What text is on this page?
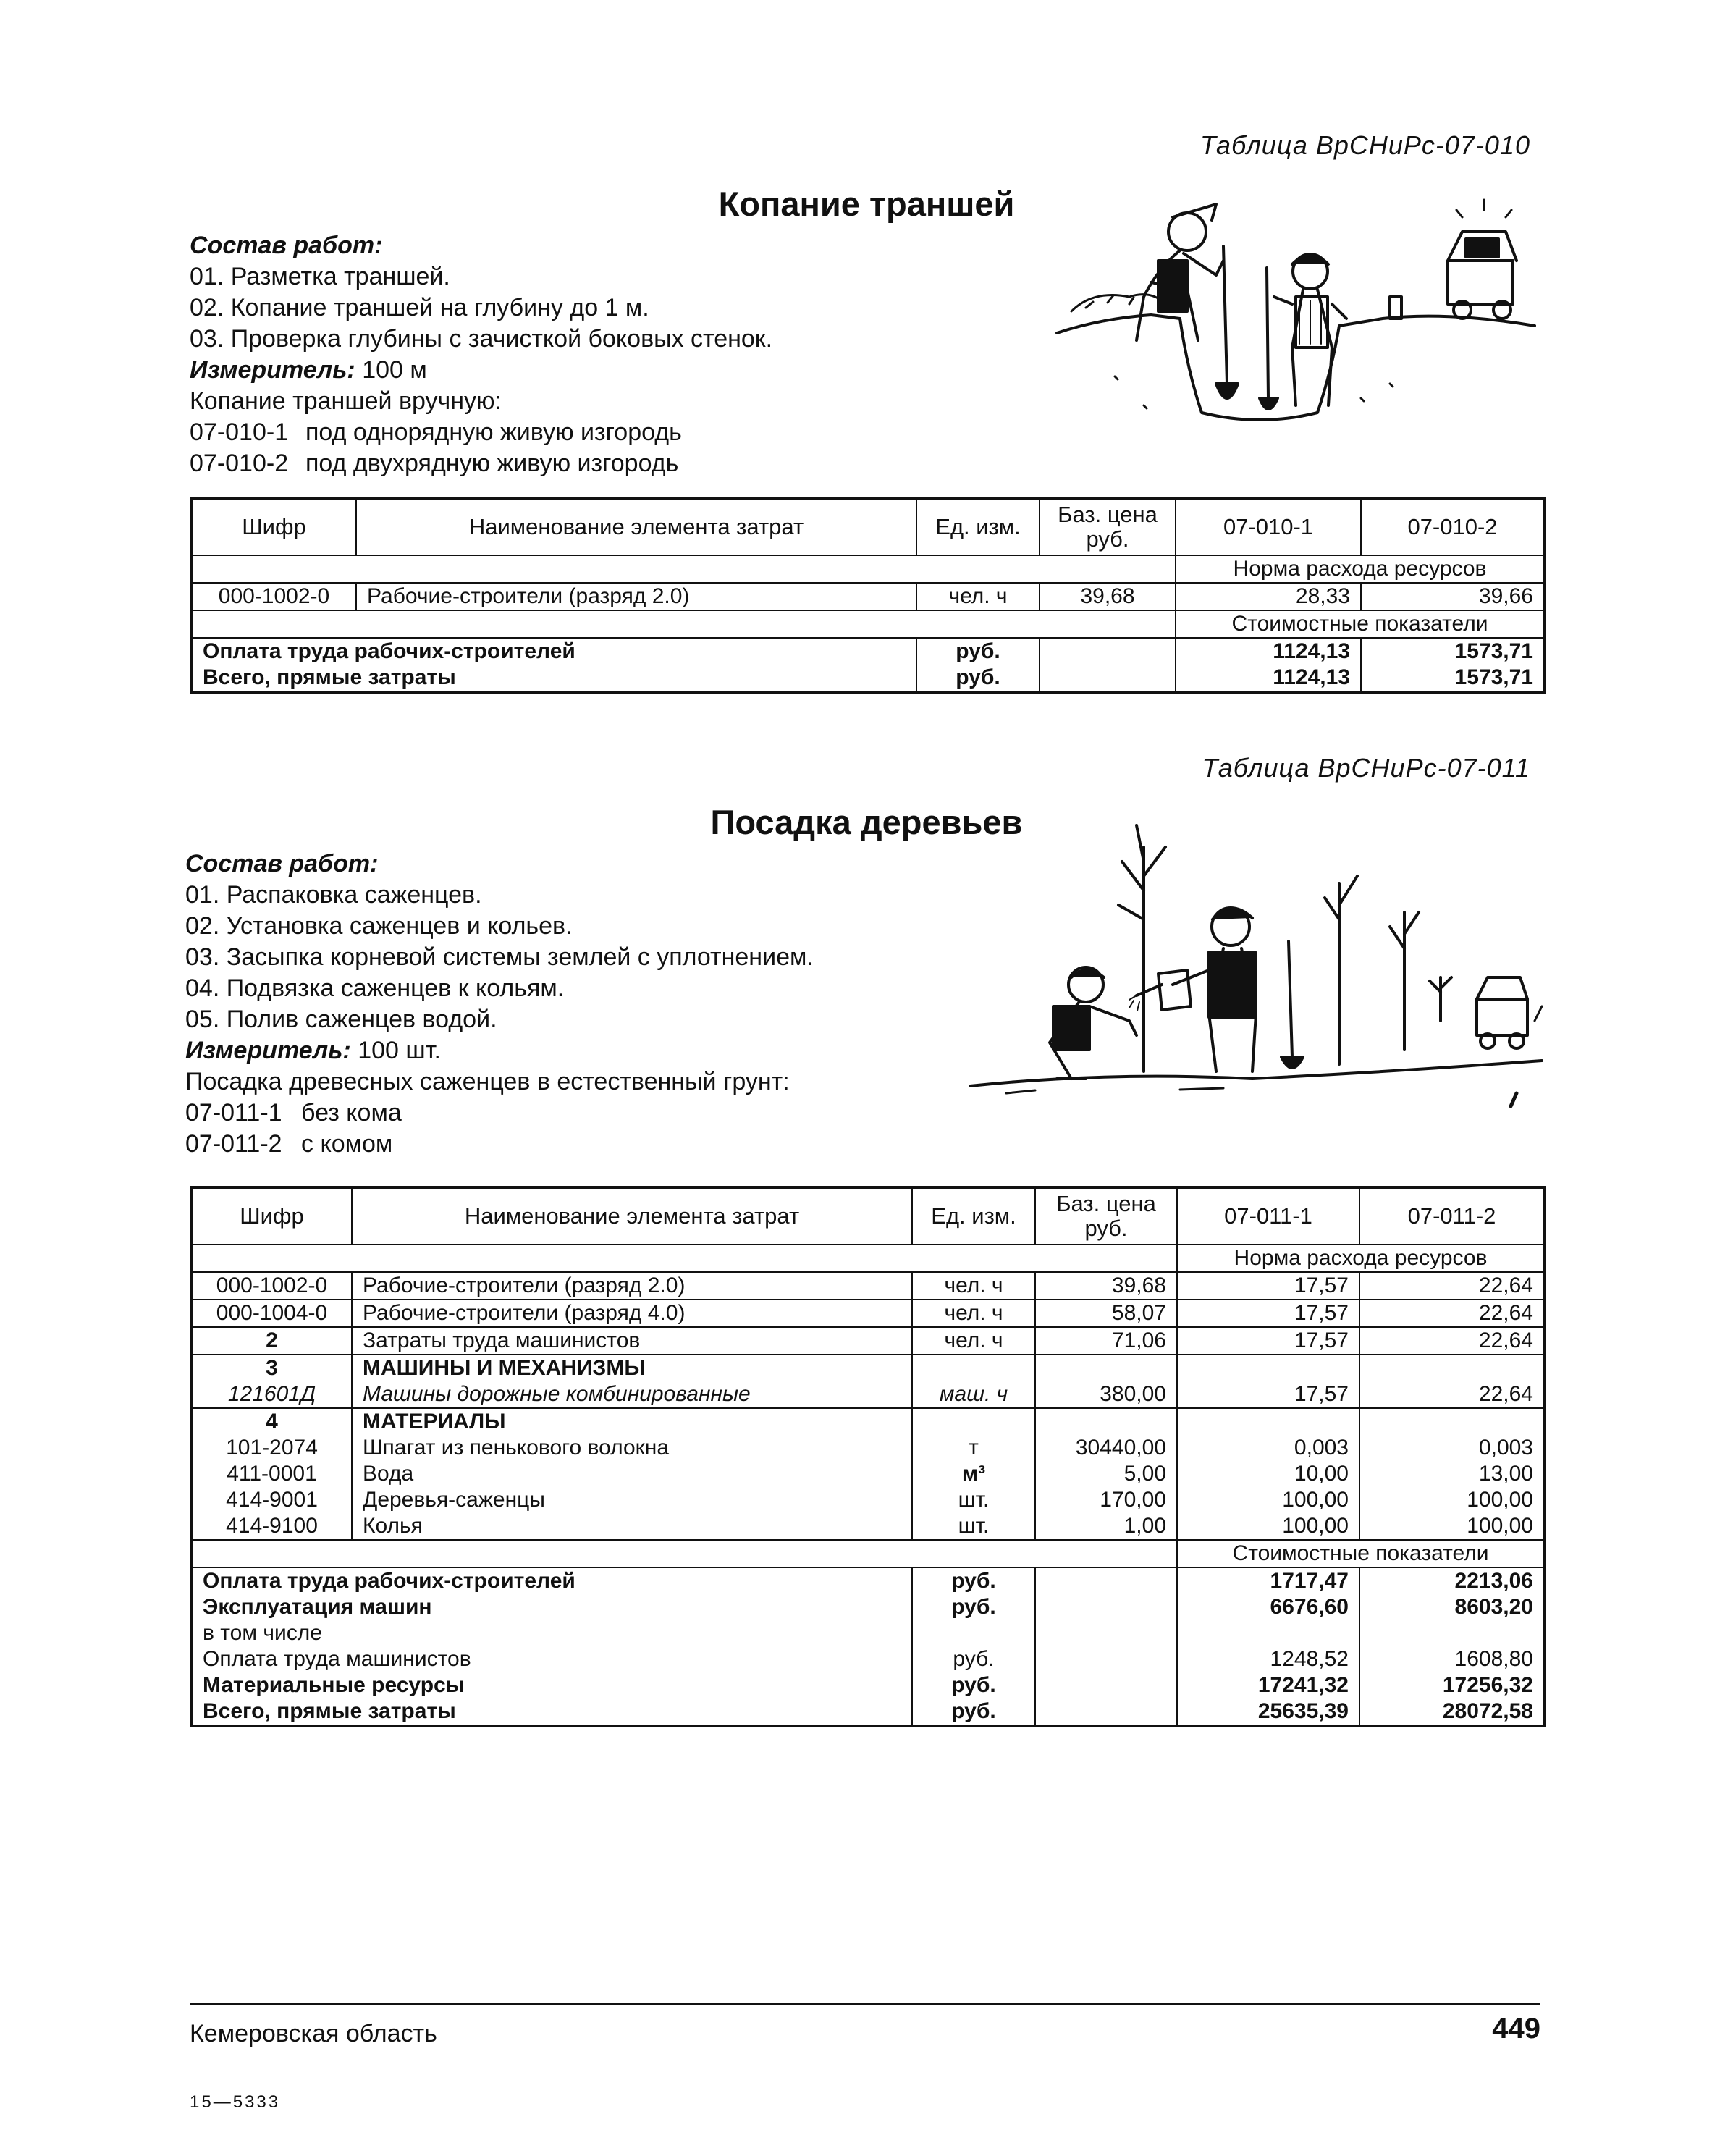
Таблица ВрСНиРс-07-010
Копание траншей
Состав работ:
01. Разметка траншей.
02. Копание траншей на глубину до 1 м.
03. Проверка глубины с зачисткой боковых стенок.
Измеритель: 100 м
Копание траншей вручную:
07-010-1 под однорядную живую изгородь
07-010-2 под двухрядную живую изгородь
Шифр	Наименование элемента затрат	Ед. изм.	Баз. цена руб.	07-010-1	07-010-2
				Норма расхода ресурсов	
000-1002-0	Рабочие-строители (разряд 2.0)	чел. ч	39,68	28,33	39,66
				Стоимостные показатели	
Оплата труда рабочих-строителей		руб.		1124,13	1573,71
Всего, прямые затраты		руб.		1124,13	1573,71
Таблица ВрСНиРс-07-011
Посадка деревьев
Состав работ:
01. Распаковка саженцев.
02. Установка саженцев и кольев.
03. Засыпка корневой системы землей с уплотнением.
04. Подвязка саженцев к кольям.
05. Полив саженцев водой.
Измеритель: 100 шт.
Посадка древесных саженцев в естественный грунт:
07-011-1 без кома
07-011-2 с комом
Шифр	Наименование элемента затрат	Ед. изм.	Баз. цена руб.	07-011-1	07-011-2
				Норма расхода ресурсов	
000-1002-0	Рабочие-строители (разряд 2.0)	чел. ч	39,68	17,57	22,64
000-1004-0	Рабочие-строители (разряд 4.0)	чел. ч	58,07	17,57	22,64
2	Затраты труда машинистов	чел. ч	71,06	17,57	22,64
3	МАШИНЫ И МЕХАНИЗМЫ				
121601Д	Машины дорожные комбинированные	маш. ч	380,00	17,57	22,64
4	МАТЕРИАЛЫ				
101-2074	Шпагат из пенькового волокна	т	30440,00	0,003	0,003
411-0001	Вода	м³	5,00	10,00	13,00
414-9001	Деревья-саженцы	шт.	170,00	100,00	100,00
414-9100	Колья	шт.	1,00	100,00	100,00
				Стоимостные показатели	
Оплата труда рабочих-строителей		руб.		1717,47	2213,06
Эксплуатация машин		руб.		6676,60	8603,20
в том числе					
Оплата труда машинистов		руб.		1248,52	1608,80
Материальные ресурсы		руб.		17241,32	17256,32
Всего, прямые затраты		руб.		25635,39	28072,58
Кемеровская область	449
15—5333
